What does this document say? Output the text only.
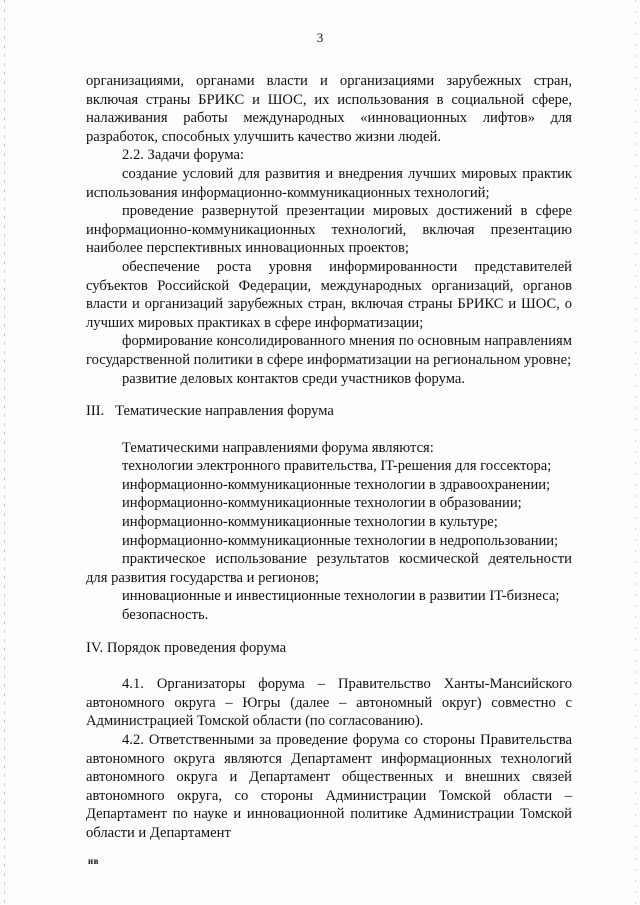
3

организациями, органами власти и организациями зарубежных стран, включая страны БРИКС и ШОС, их использования в социальной сфере, налаживания работы международных «инновационных лифтов» для разработок, способных улучшить качество жизни людей.

2.2. Задачи форума:

создание условий для развития и внедрения лучших мировых практик использования информационно-коммуникационных технологий;

проведение развернутой презентации мировых достижений в сфере информационно-коммуникационных технологий, включая презентацию наиболее перспективных инновационных проектов;

обеспечение роста уровня информированности представителей субъектов Российской Федерации, международных организаций, органов власти и организаций зарубежных стран, включая страны БРИКС и ШОС, о лучших мировых практиках в сфере информатизации;

формирование консолидированного мнения по основным направлениям государственной политики в сфере информатизации на региональном уровне;

развитие деловых контактов среди участников форума.

III.   Тематические направления форума

Тематическими направлениями форума являются:

технологии электронного правительства, IT-решения для госсектора;

информационно-коммуникационные технологии в здравоохранении;

информационно-коммуникационные технологии в образовании;

информационно-коммуникационные технологии в культуре;

информационно-коммуникационные технологии в недропользовании;

практическое использование результатов космической деятельности для развития государства и регионов;

инновационные и инвестиционные технологии в развитии IT-бизнеса;

безопасность.

IV. Порядок проведения форума

4.1. Организаторы форума – Правительство Ханты-Мансийского автономного округа – Югры (далее – автономный округ) совместно с Администрацией Томской области (по согласованию).

4.2. Ответственными за проведение форума со стороны Правительства автономного округа являются Департамент информационных технологий автономного округа и Департамент общественных и внешних связей автономного округа, со стороны Администрации Томской области – Департамент по науке и инновационной политике Администрации Томской области и Департамент

нв
